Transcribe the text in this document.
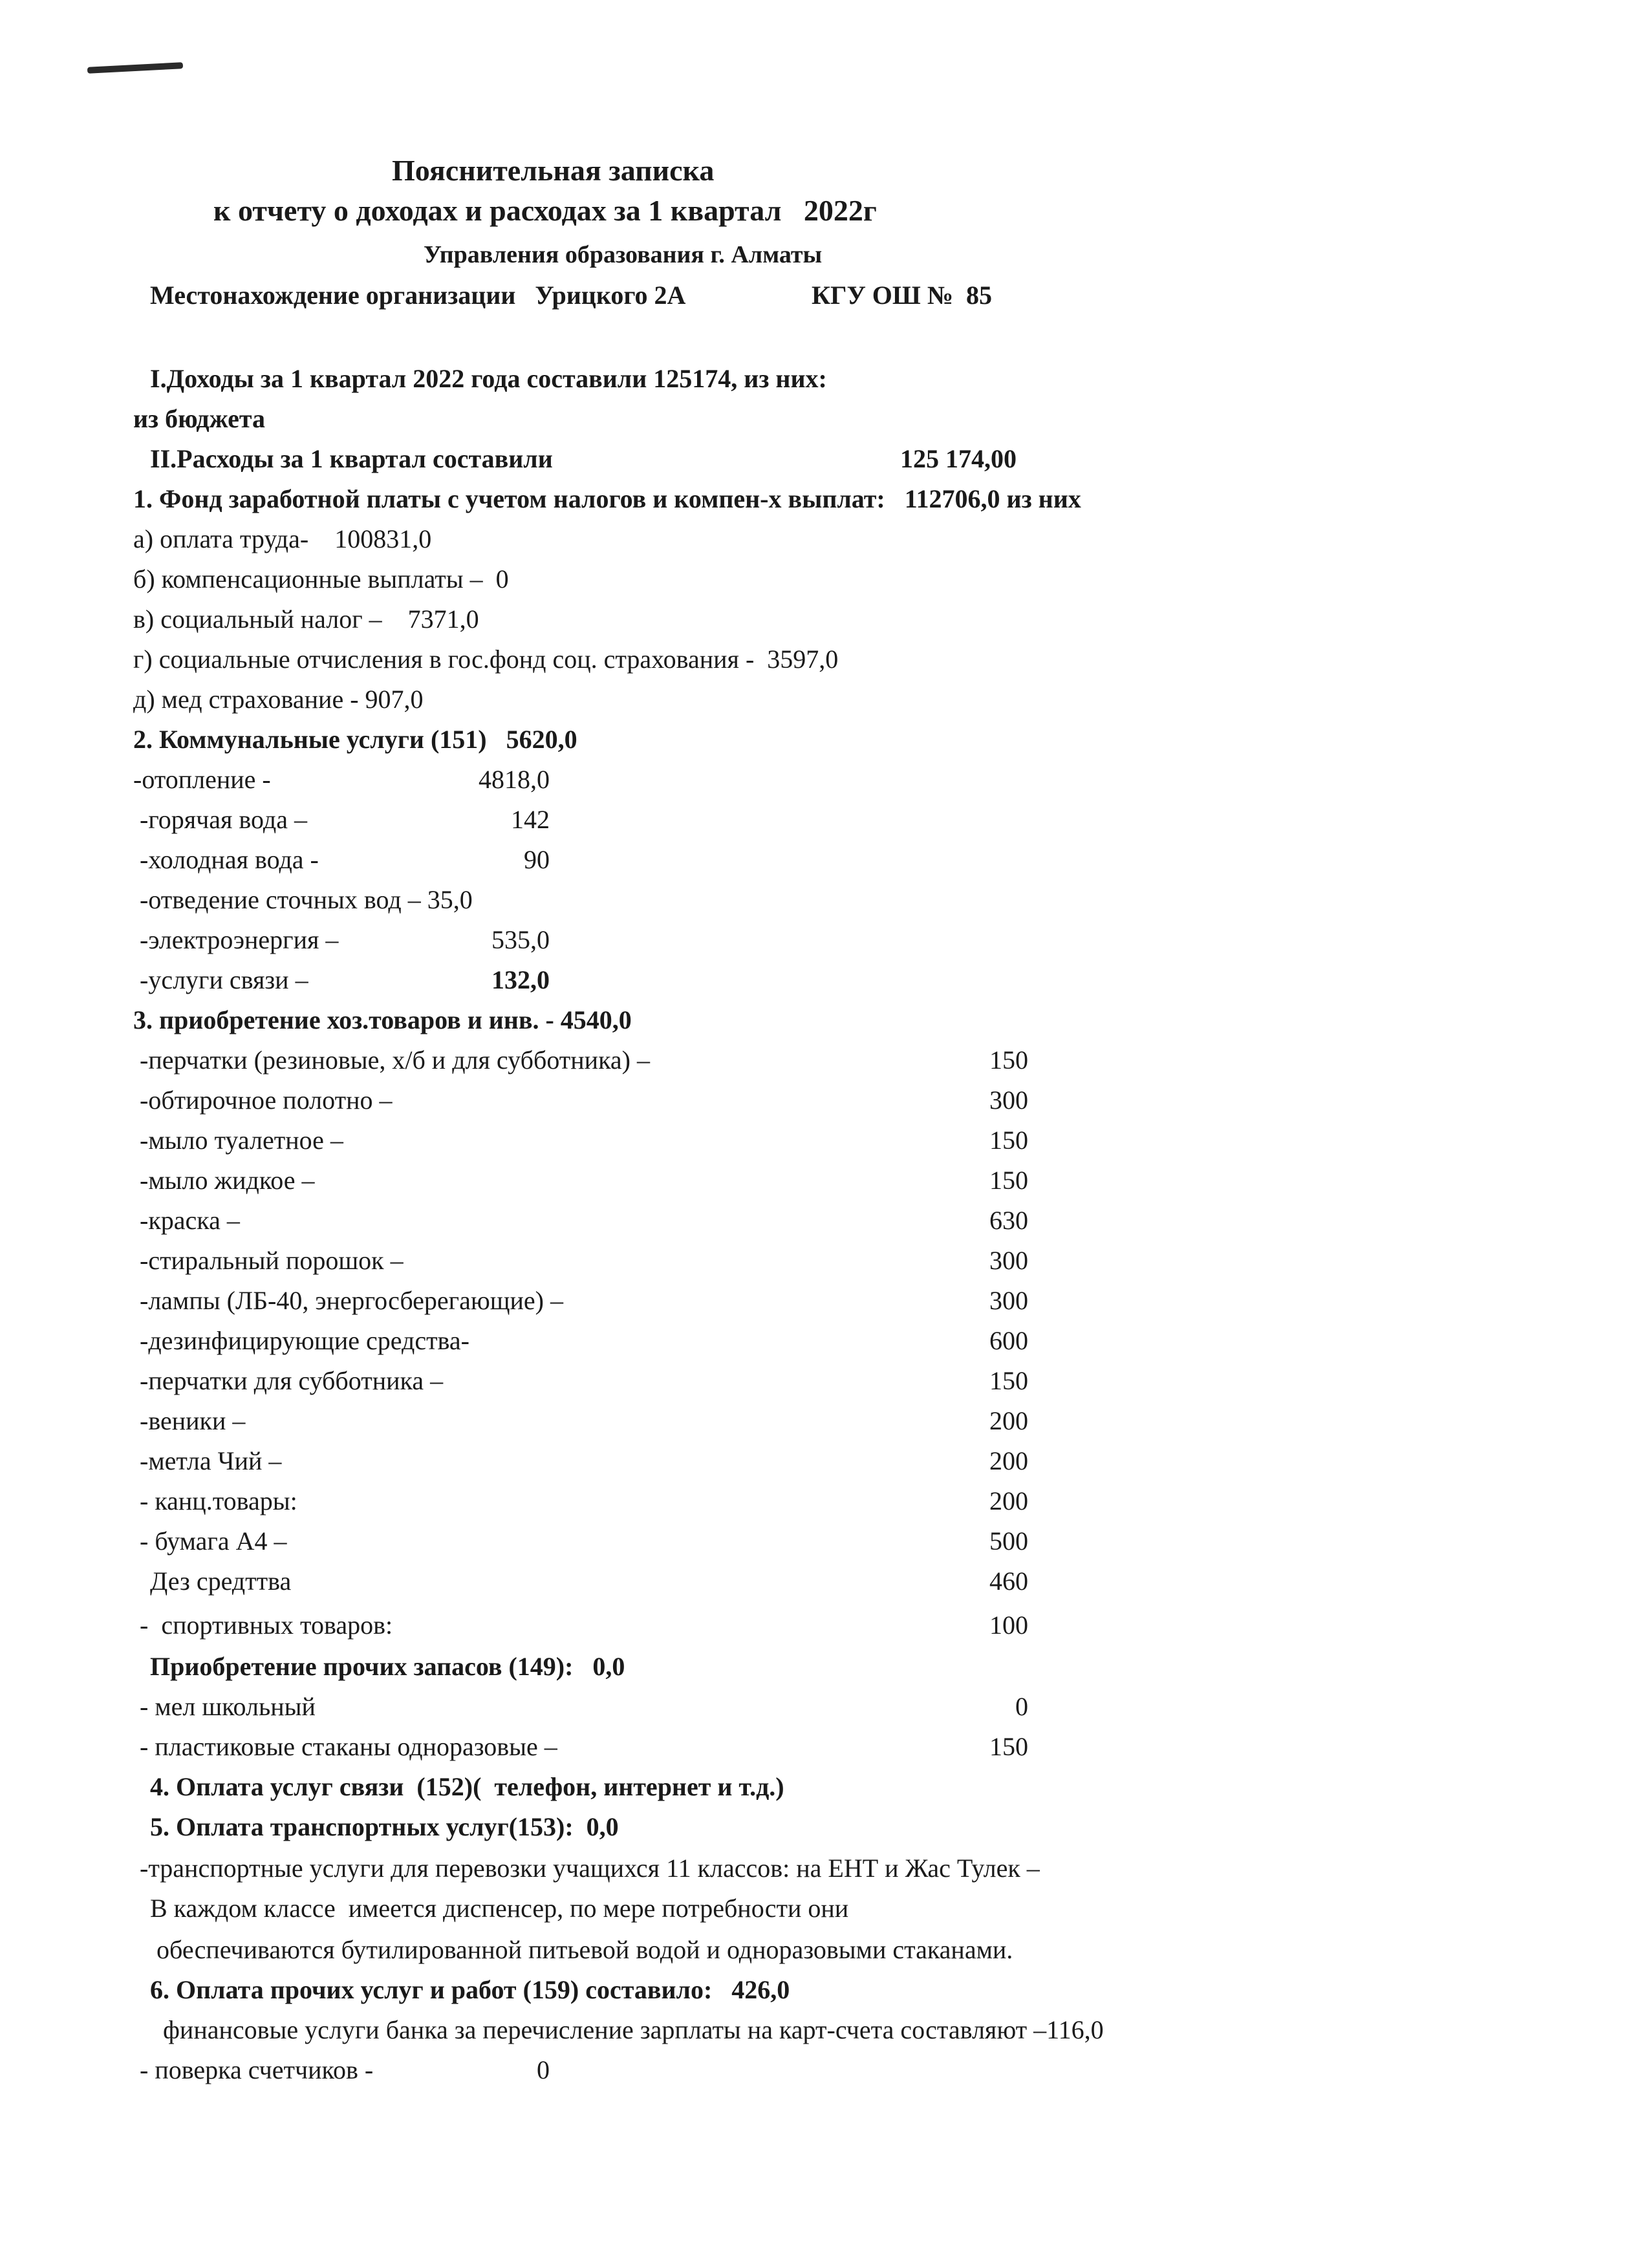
Пояснительная записка
к отчету о доходах и расходах за 1 квартал   2022г
Управления образования г. Алматы
Местонахождение организации   Урицкого 2А	КГУ ОШ №  85
I.Доходы за 1 квартал 2022 года составили 125174, из них:
из бюджета
II.Расходы за 1 квартал составили	125 174,00
1. Фонд заработной платы с учетом налогов и компен-х выплат:   112706,0 из них
а) оплата труда-    100831,0
б) компенсационные выплаты –  0
в) социальный налог –    7371,0
г) социальные отчисления в гос.фонд соц. страхования -  3597,0
д) мед страхование - 907,0
2. Коммунальные услуги (151)   5620,0
-отопление -	4818,0
-горячая вода –	142
-холодная вода -	90
-отведение сточных вод – 35,0
-электроэнергия –	535,0
-услуги связи –	132,0
3. приобретение хоз.товаров и инв. - 4540,0
-перчатки (резиновые, х/б и для субботника) –	150
-обтирочное полотно –	300
-мыло туалетное –	150
-мыло жидкое –	150
-краска –	630
-стиральный порошок –	300
-лампы (ЛБ-40, энергосберегающие) –	300
-дезинфицирующие средства-	600
-перчатки для субботника –	150
-веники –	200
-метла Чий –	200
- канц.товары:	200
- бумага А4 –	500
Дез средттва	460
-  спортивных товаров:	100
Приобретение прочих запасов (149):   0,0
- мел школьный	0
- пластиковые стаканы одноразовые –	150
4. Оплата услуг связи  (152)(  телефон, интернет и т.д.)
5. Оплата транспортных услуг(153):  0,0
-транспортные услуги для перевозки учащихся 11 классов: на ЕНТ и Жас Тулек –
В каждом классе  имеется диспенсер, по мере потребности они
обеспечиваются бутилированной питьевой водой и одноразовыми стаканами.
6. Оплата прочих услуг и работ (159) составило:   426,0
финансовые услуги банка за перечисление зарплаты на карт-счета составляют –116,0
- поверка счетчиков -	0
